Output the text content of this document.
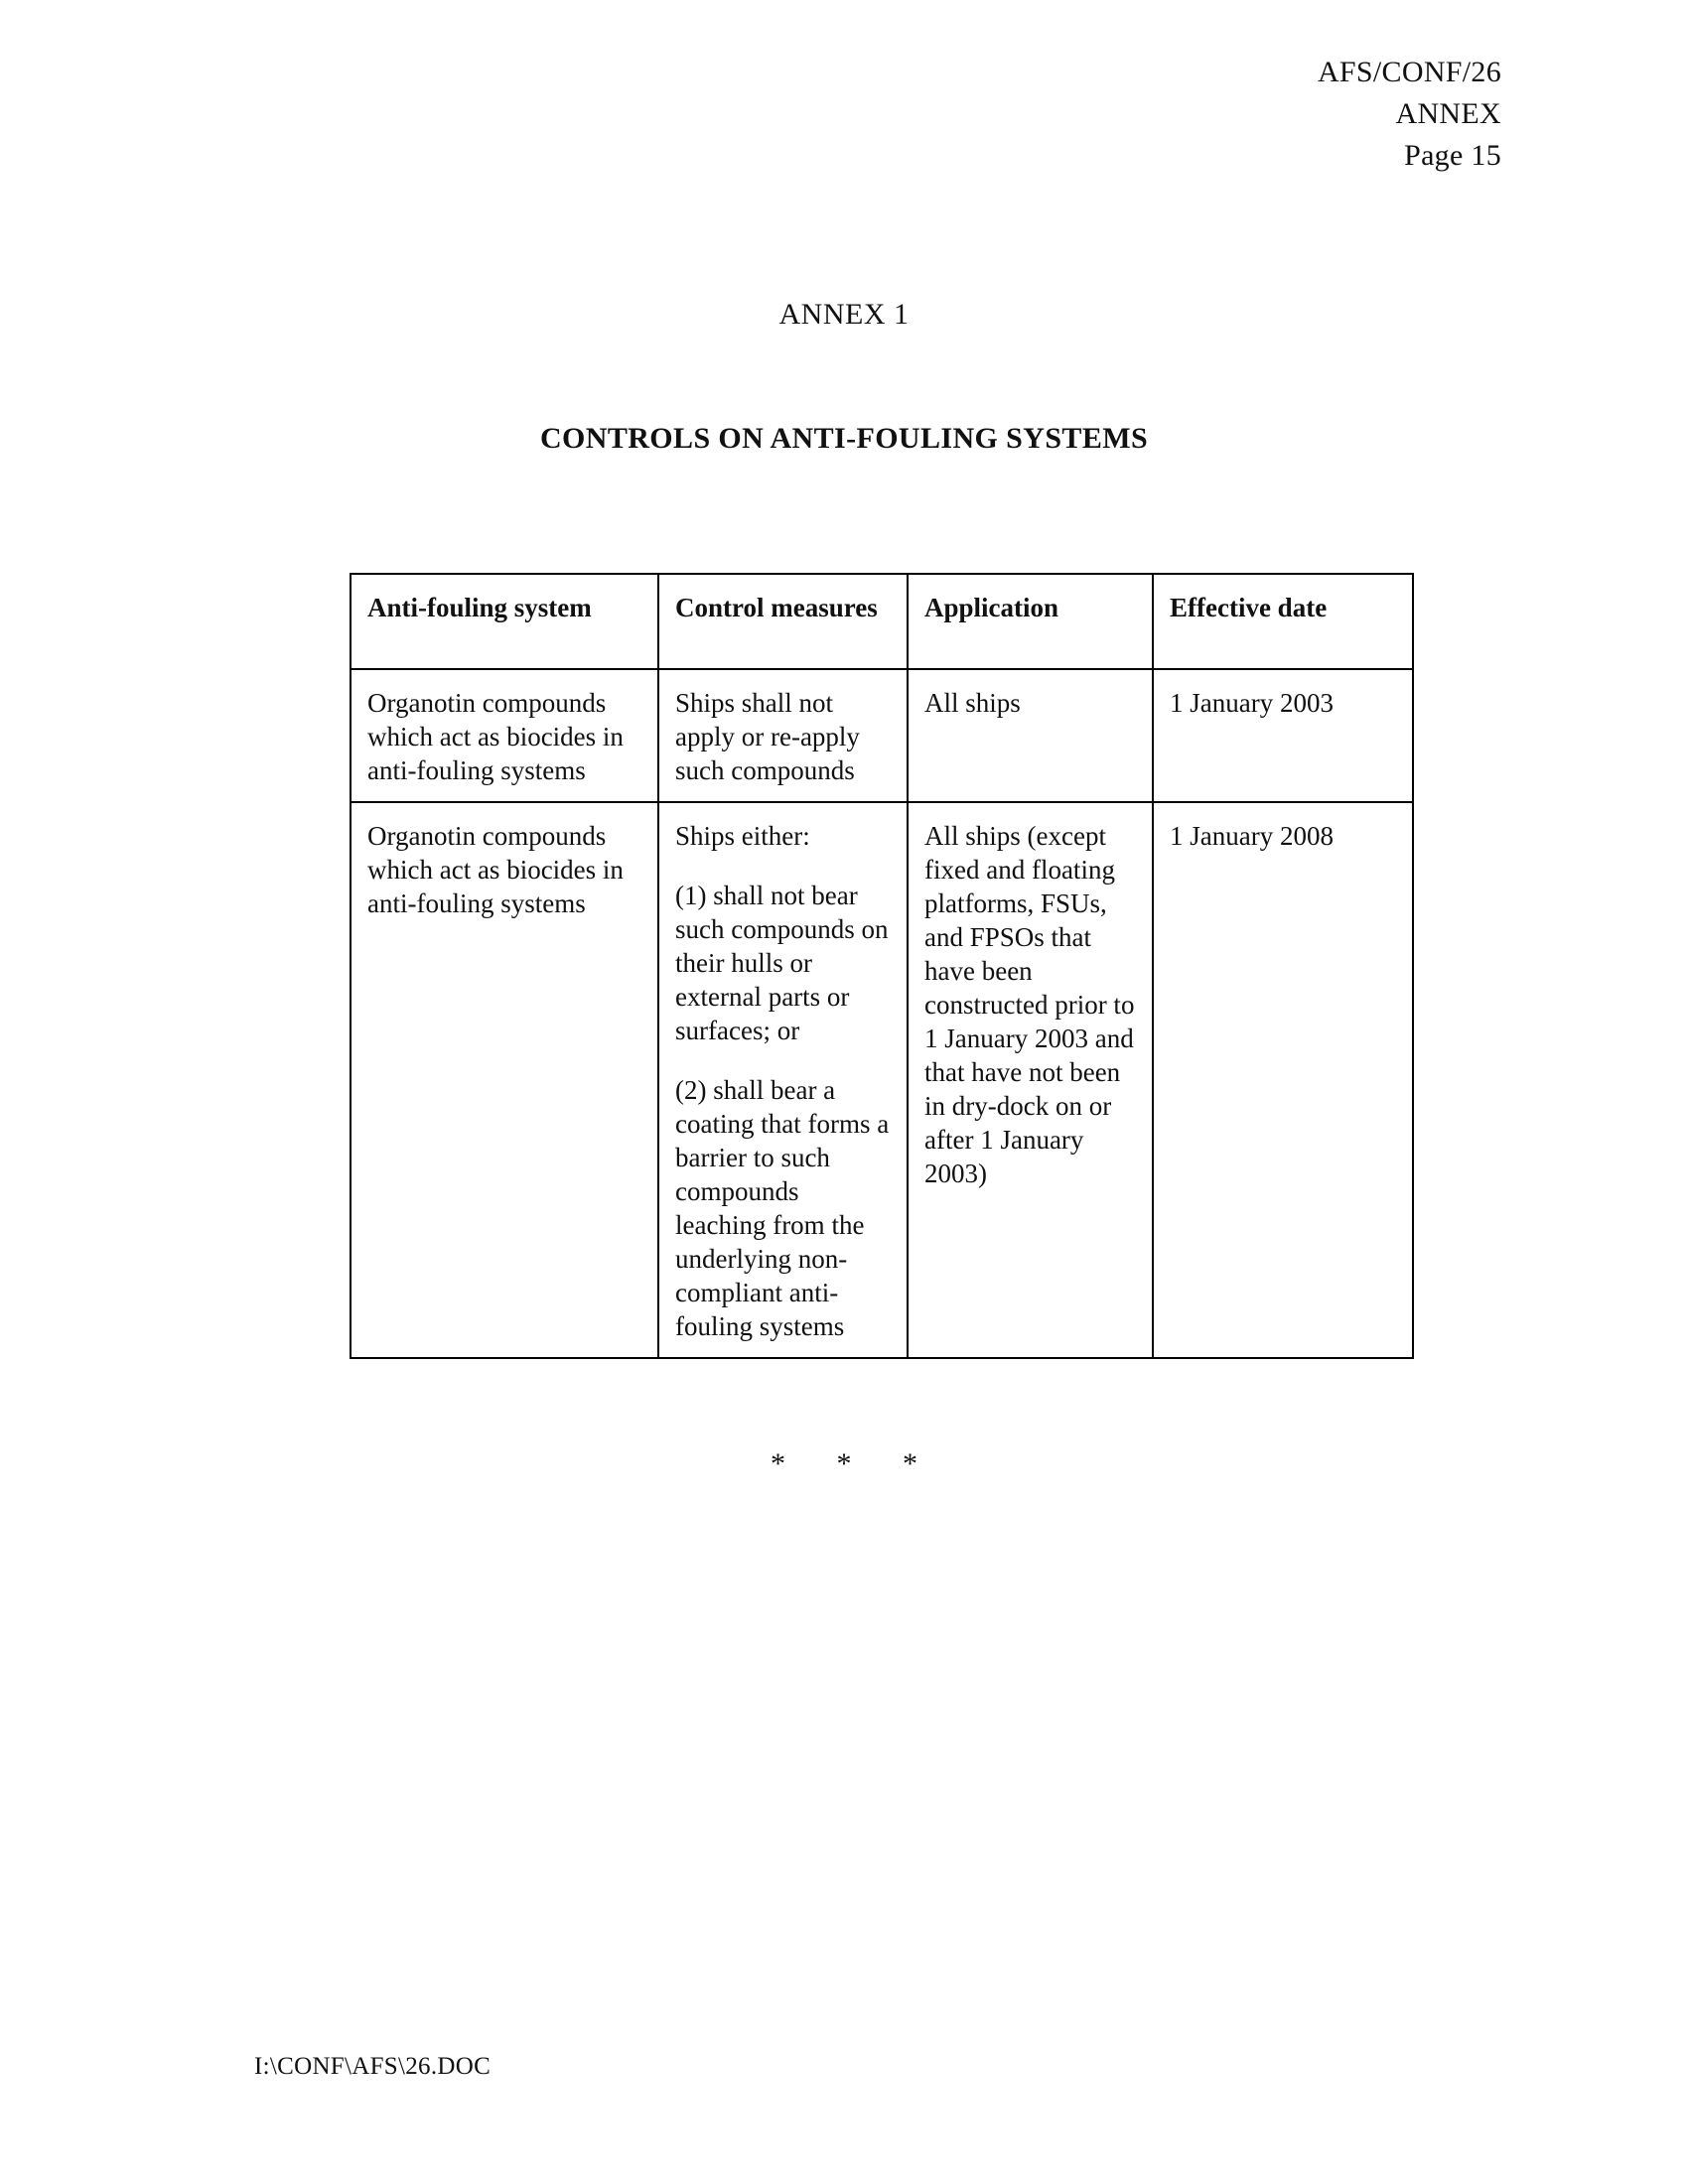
AFS/CONF/26
ANNEX
Page 15
ANNEX 1
CONTROLS ON ANTI-FOULING SYSTEMS
Anti-fouling system	Control measures	Application	Effective date
Organotin compounds which act as biocides in anti-fouling systems	Ships shall not apply or re-apply such compounds	All ships	1 January 2003
Organotin compounds which act as biocides in anti-fouling systems	Ships either:

(1) shall not bear such compounds on their hulls or external parts or surfaces; or

(2) shall bear a coating that forms a barrier to such compounds leaching from the underlying non-compliant anti-fouling systems	All ships (except fixed and floating platforms, FSUs, and FPSOs that have been constructed prior to 1 January 2003 and that have not been in dry-dock on or after 1 January 2003)	1 January 2008
* * *
I:\CONF\AFS\26.DOC
